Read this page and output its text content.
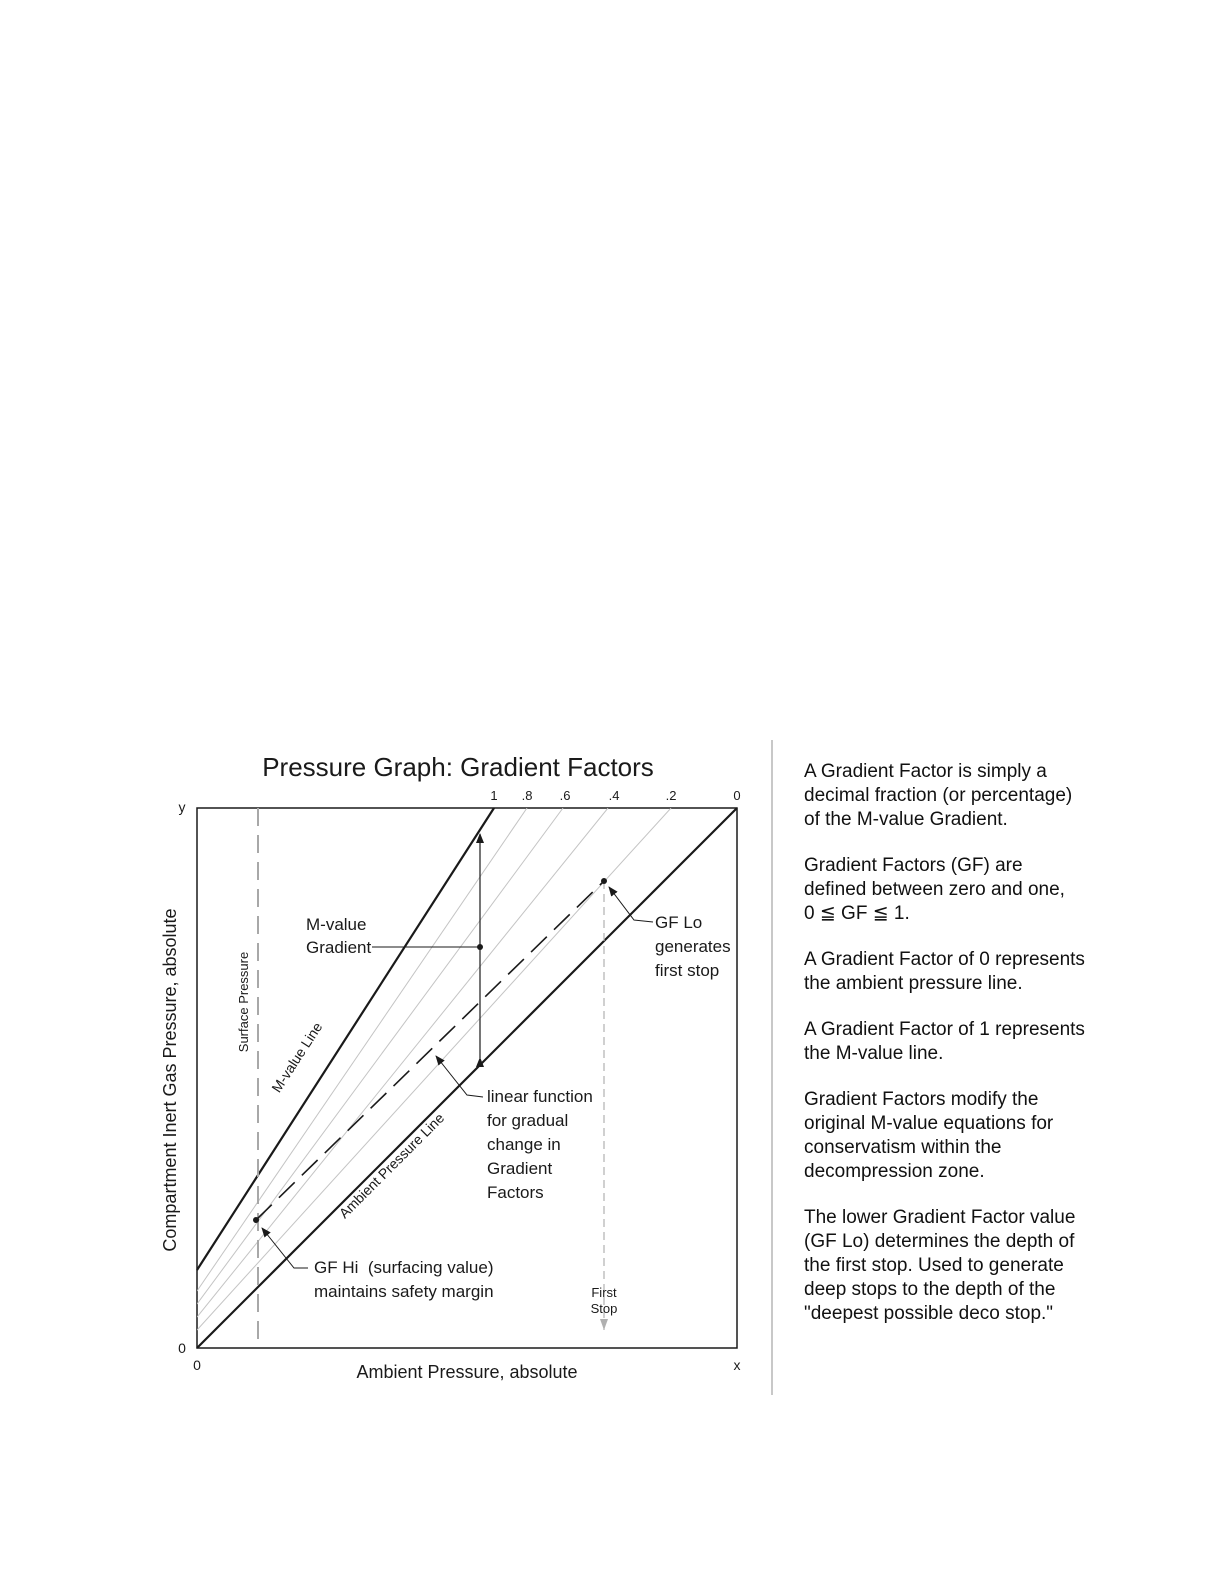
Pressure Graph: Gradient Factors
1 .8 .6	.4	.2	0
y
0
0	x
Ambient Pressure, absolute
Compartment Inert Gas Pressure, absolute	Surface Pressure
M-value Line
Ambient Pressure Line
M-value
Gradient
GF Lo
generates
first stop
linear function
for gradual
change in
Gradient
Factors
GF Hi  (surfacing value)
maintains safety margin	First
Stop

A Gradient Factor is simply a
decimal fraction (or percentage)
of the M-value Gradient.

Gradient Factors (GF) are
defined between zero and one,
0 ≦ GF ≦ 1.

A Gradient Factor of 0 represents
the ambient pressure line.

A Gradient Factor of 1 represents
the M-value line.

Gradient Factors modify the
original M-value equations for
conservatism within the
decompression zone.

The lower Gradient Factor value
(GF Lo) determines the depth of
the first stop. Used to generate
deep stops to the depth of the
"deepest possible deco stop."
